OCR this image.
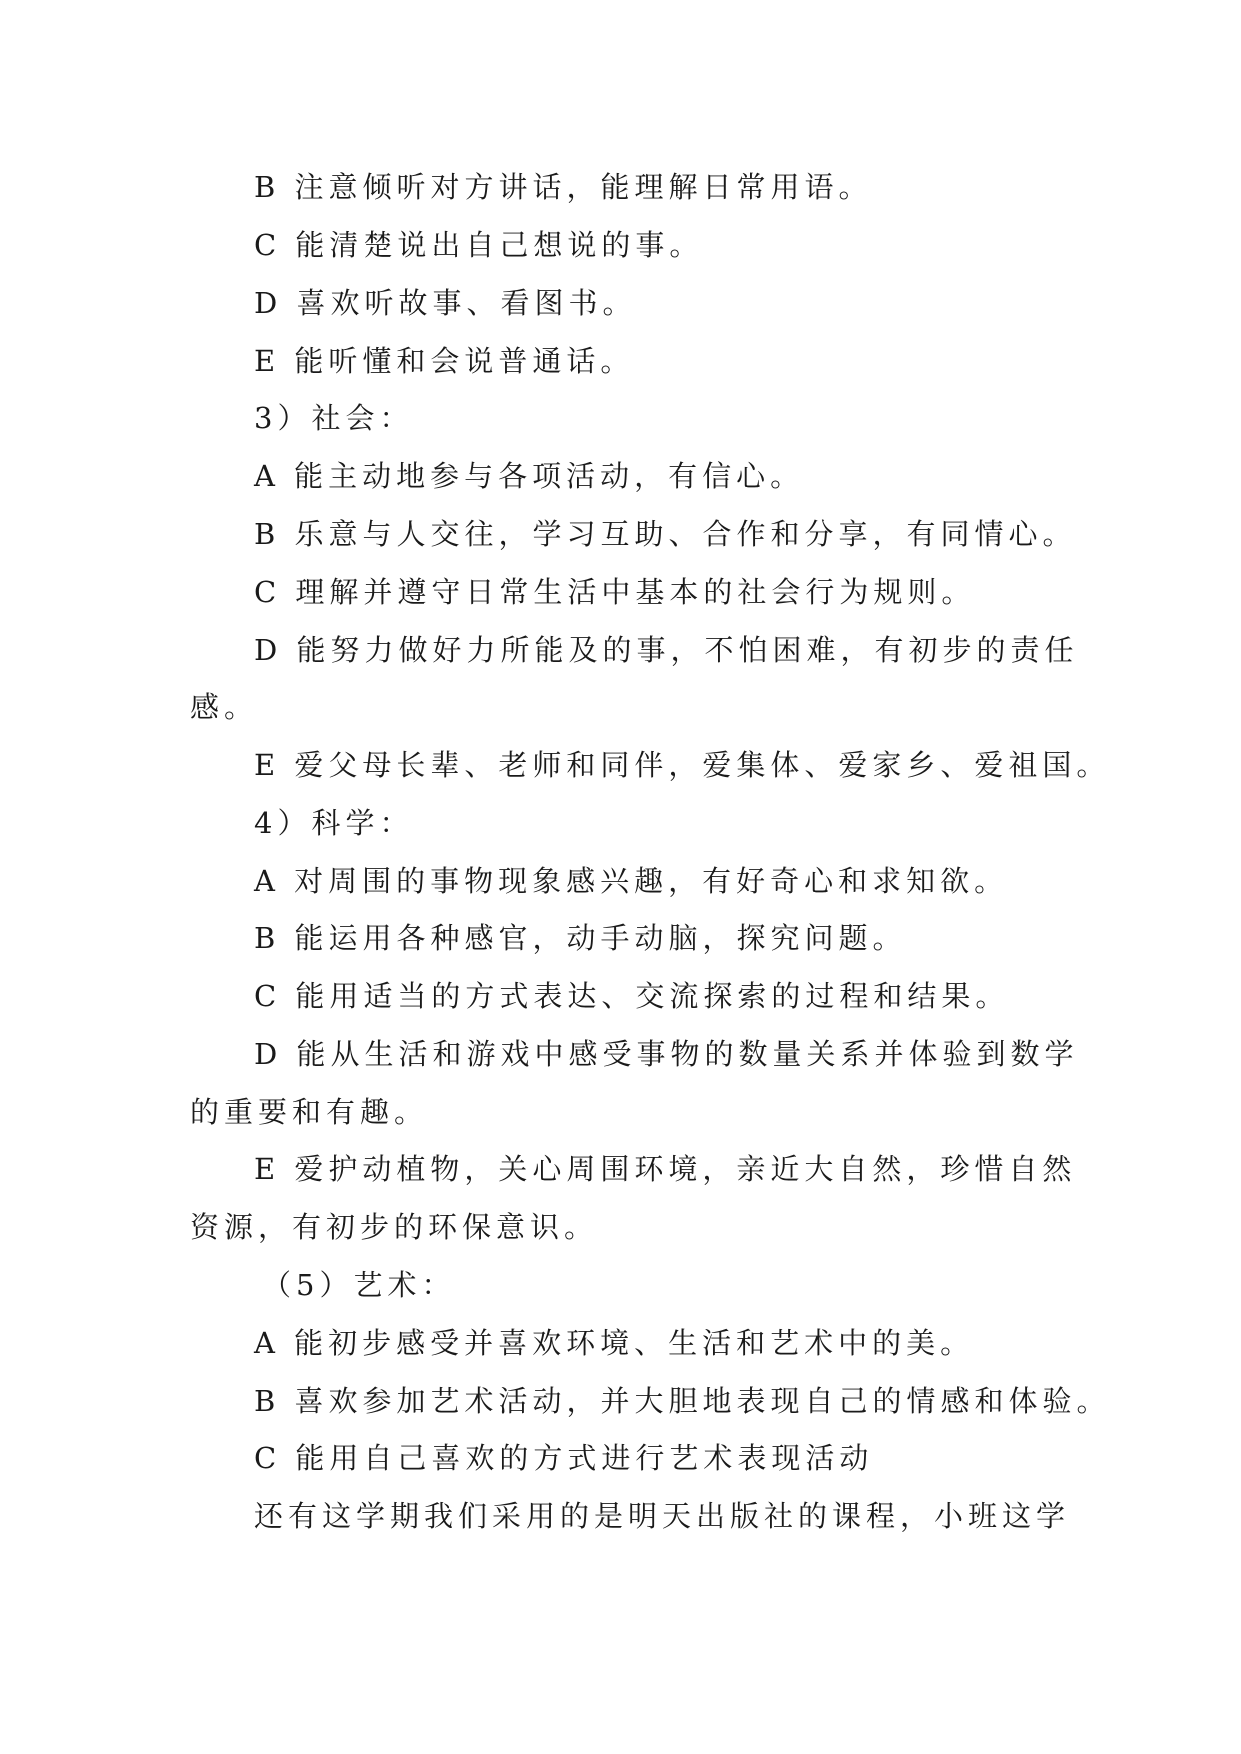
B 注意倾听对方讲话，能理解日常用语。

C 能清楚说出自己想说的事。

D 喜欢听故事、看图书。

E 能听懂和会说普通话。

3）社会：

A 能主动地参与各项活动，有信心。

B 乐意与人交往，学习互助、合作和分享，有同情心。

C 理解并遵守日常生活中基本的社会行为规则。

D 能努力做好力所能及的事，不怕困难，有初步的责任

感。

E 爱父母长辈、老师和同伴，爱集体、爱家乡、爱祖国。

4）科学：

A 对周围的事物现象感兴趣，有好奇心和求知欲。

B 能运用各种感官，动手动脑，探究问题。

C 能用适当的方式表达、交流探索的过程和结果。

D 能从生活和游戏中感受事物的数量关系并体验到数学

的重要和有趣。

E 爱护动植物，关心周围环境，亲近大自然，珍惜自然

资源，有初步的环保意识。

（5）艺术：

A 能初步感受并喜欢环境、生活和艺术中的美。

B 喜欢参加艺术活动，并大胆地表现自己的情感和体验。

C 能用自己喜欢的方式进行艺术表现活动

还有这学期我们采用的是明天出版社的课程，小班这学
